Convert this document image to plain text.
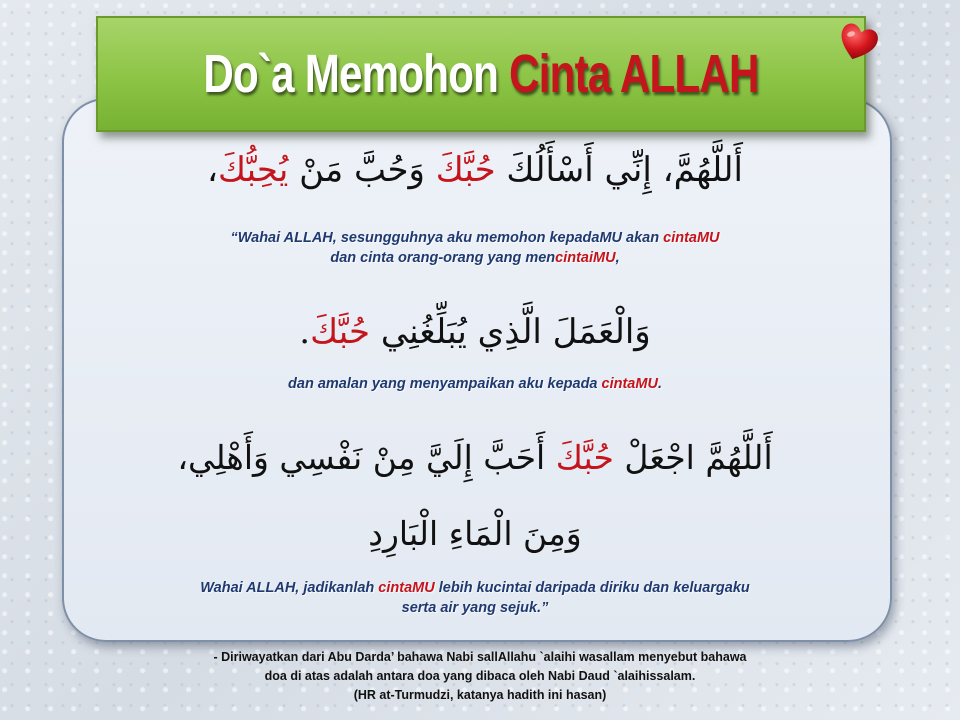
Do`a Memohon Cinta ALLAH

أَللَّهُمَّ، إِنِّي أَسْأَلُكَ حُبَّكَ وَحُبَّ مَنْ يُحِبُّكَ،

“Wahai ALLAH, sesungguhnya aku memohon kepadaMU akan cintaMU
dan cinta orang-orang yang mencintaiMU,

وَالْعَمَلَ الَّذِي يُبَلِّغُنِي حُبَّكَ.

dan amalan yang menyampaikan aku kepada cintaMU.

أَللَّهُمَّ اجْعَلْ حُبَّكَ أَحَبَّ إِلَيَّ مِنْ نَفْسِي وَأَهْلِي،

وَمِنَ الْمَاءِ الْبَارِدِ

Wahai ALLAH, jadikanlah cintaMU lebih kucintai daripada diriku dan keluargaku
serta air yang sejuk.”

- Diriwayatkan dari Abu Darda’ bahawa Nabi sallAllahu `alaihi wasallam menyebut bahawa
doa di atas adalah antara doa yang dibaca oleh Nabi Daud `alaihissalam.
(HR at-Turmudzi, katanya hadith ini hasan)
